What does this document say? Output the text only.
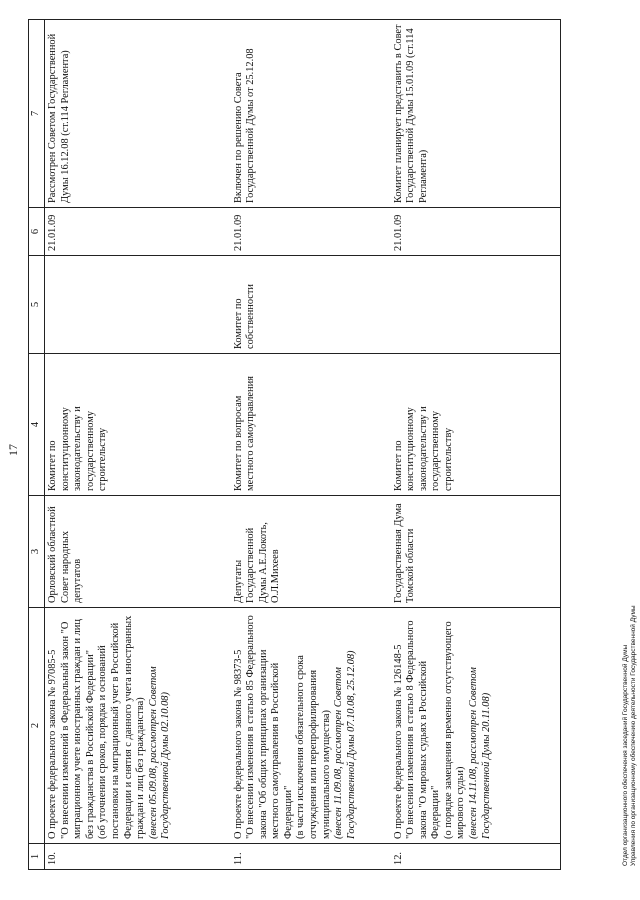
17
1	2	3	4	5	6	7
10.	О проекте федерального закона № 97085-5 "О внесении изменений в Федеральный закон "О миграционном учете иностранных граждан и лиц без гражданства в Российской Федерации" (об уточнении сроков, порядка и оснований постановки на миграционный учет в Российской Федерации и снятия с данного учета иностранных граждан и лиц без гражданства) (внесен 05.09.08, рассмотрен Советом Государственной Думы 02.10.08)	Орловский областной Совет народных депутатов	Комитет по конституционному законодательству и государственному строительству		21.01.09	Рассмотрен Советом Государственной Думы 16.12.08 (ст.114 Регламента)
11.	О проекте федерального закона № 98373-5 "О внесении изменения в статью 85 Федерального закона "Об общих принципах организации местного самоуправления в Российской Федерации" (в части исключения обязательного срока отчуждения или перепрофилирования муниципального имущества) (внесен 11.09.08, рассмотрен Советом Государственной Думы 07.10.08, 25.12.08)	Депутаты Государственной Думы А.Е.Локоть, О.Л.Михеев	Комитет по вопросам местного самоуправления	Комитет по собственности	21.01.09	Включен по решению Совета Государственной Думы от 25.12.08
12.	О проекте федерального закона № 126148-5 "О внесении изменения в статью 8 Федерального закона "О мировых судьях в Российской Федерации" (о порядке замещения временно отсутствующего мирового судьи) (внесен 14.11.08, рассмотрен Советом Государственной Думы 20.11.08)	Государственная Дума Томской области	Комитет по конституционному законодательству и государственному строительству		21.01.09	Комитет планирует представить в Совет Государственной Думы 15.01.09 (ст.114 Регламента)
Отдел организационного обеспечения заседаний Государственной Думы Управления по организационному обеспечению деятельности Государственной Думы
